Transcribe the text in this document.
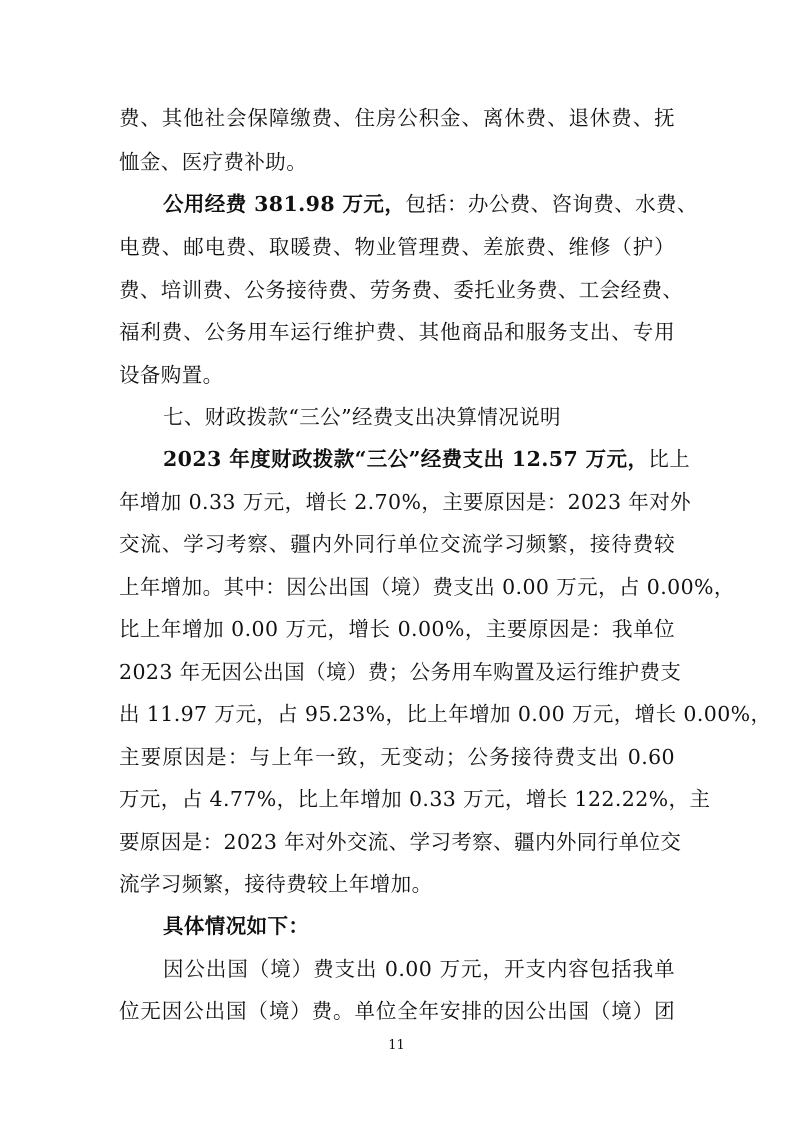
费、其他社会保障缴费、住房公积金、离休费、退休费、抚
恤金、医疗费补助。
公用经费 381.98 万元，包括：办公费、咨询费、水费、
电费、邮电费、取暖费、物业管理费、差旅费、维修（护）
费、培训费、公务接待费、劳务费、委托业务费、工会经费、
福利费、公务用车运行维护费、其他商品和服务支出、专用
设备购置。
七、财政拨款“三公”经费支出决算情况说明
2023 年度财政拨款“三公”经费支出 12.57 万元，比上
年增加 0.33 万元，增长 2.70%，主要原因是：2023 年对外
交流、学习考察、疆内外同行单位交流学习频繁，接待费较
上年增加。其中：因公出国（境）费支出 0.00 万元，占 0.00%，
比上年增加 0.00 万元，增长 0.00%，主要原因是：我单位
2023 年无因公出国（境）费；公务用车购置及运行维护费支
出 11.97 万元，占 95.23%，比上年增加 0.00 万元，增长 0.00%，
主要原因是：与上年一致，无变动；公务接待费支出 0.60
万元，占 4.77%，比上年增加 0.33 万元，增长 122.22%，主
要原因是：2023 年对外交流、学习考察、疆内外同行单位交
流学习频繁，接待费较上年增加。
具体情况如下：
因公出国（境）费支出 0.00 万元，开支内容包括我单
位无因公出国（境）费。单位全年安排的因公出国（境）团
11
